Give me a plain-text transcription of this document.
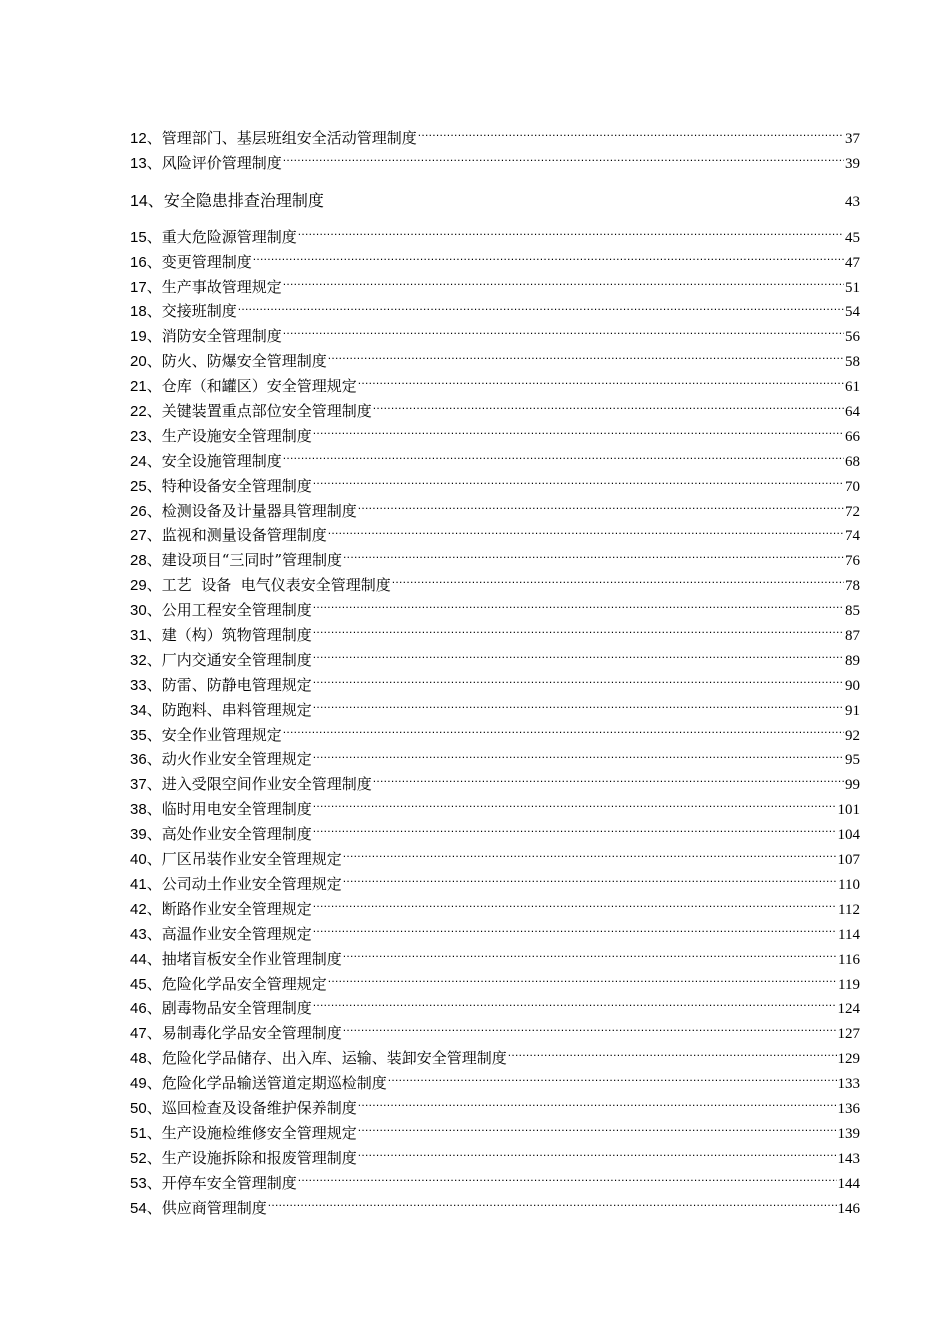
12 、 管理部门、基层班组安全活动管理制度 .....	37
13 、 风险评价管理制度 .....	39
14 、 安全隐患排查治理制度 .....	43
15 、 重大危险源管理制度 .....	45
16 、 变更管理制度 .....	47
17 、 生产事故管理规定 .....	51
18 、 交接班制度 .....	54
19 、 消防安全管理制度 .....	56
20 、 防火、防爆安全管理制度 .....	58
21 、 仓库（和罐区）安全管理规定 .....	61
22 、 关键装置重点部位安全管理制度 .....	64
23 、 生产设施安全管理制度 .....	66
24 、 安全设施管理制度 .....	68
25 、 特种设备安全管理制度 .....	70
26 、 检测设备及计量器具管理制度 .....	72
27 、 监视和测量设备管理制度 .....	74
28 、 建设项目“三同时”管理制度 .....	76
29 、 工艺  设备  电气仪表安全管理制度 .....	78
30 、 公用工程安全管理制度 .....	85
31 、 建（构）筑物管理制度 .....	87
32 、 厂内交通安全管理制度 .....	89
33 、 防雷、防静电管理规定 .....	90
34 、 防跑料、串料管理规定 .....	91
35 、 安全作业管理规定 .....	92
36 、 动火作业安全管理规定 .....	95
37 、 进入受限空间作业安全管理制度 .....	99
38 、 临时用电安全管理制度 .....	101
39 、 高处作业安全管理制度 .....	104
40 、 厂区吊装作业安全管理规定 .....	107
41 、 公司动土作业安全管理规定 .....	110
42 、 断路作业安全管理规定 .....	112
43 、 高温作业安全管理规定 .....	114
44 、 抽堵盲板安全作业管理制度 .....	116
45 、 危险化学品安全管理规定 .....	119
46 、 剧毒物品安全管理制度 .....	124
47 、 易制毒化学品安全管理制度 .....	127
48 、 危险化学品储存、出入库、运输、装卸安全管理制度 .....	129
49 、 危险化学品输送管道定期巡检制度 .....	133
50 、 巡回检查及设备维护保养制度 .....	136
51 、 生产设施检维修安全管理规定 .....	139
52 、 生产设施拆除和报废管理制度 .....	143
53 、 开停车安全管理制度 .....	144
54 、 供应商管理制度 .....	146
